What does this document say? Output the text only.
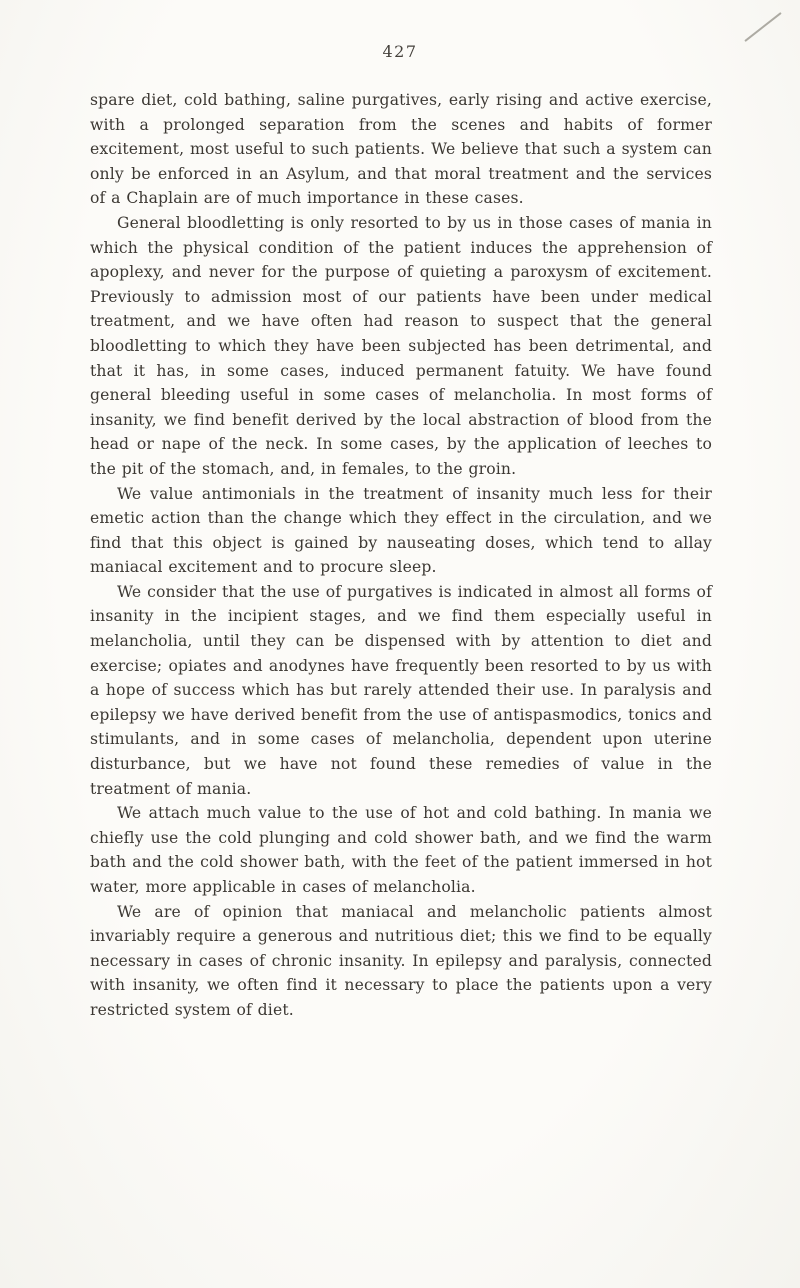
427

spare diet, cold bathing, saline purgatives, early rising and active exercise, with a prolonged separation from the scenes and habits of former excitement, most useful to such patients. We believe that such a system can only be enforced in an Asylum, and that moral treatment and the services of a Chaplain are of much importance in these cases.

General bloodletting is only resorted to by us in those cases of mania in which the physical condition of the patient induces the apprehension of apoplexy, and never for the purpose of quieting a paroxysm of excitement. Previously to admission most of our patients have been under medical treatment, and we have often had reason to suspect that the general bloodletting to which they have been subjected has been detrimental, and that it has, in some cases, induced permanent fatuity. We have found general bleeding useful in some cases of melancholia. In most forms of insanity, we find benefit derived by the local abstraction of blood from the head or nape of the neck. In some cases, by the application of leeches to the pit of the stomach, and, in females, to the groin.

We value antimonials in the treatment of insanity much less for their emetic action than the change which they effect in the circulation, and we find that this object is gained by nauseating doses, which tend to allay maniacal excitement and to procure sleep.

We consider that the use of purgatives is indicated in almost all forms of insanity in the incipient stages, and we find them especially useful in melancholia, until they can be dispensed with by attention to diet and exercise; opiates and anodynes have frequently been resorted to by us with a hope of success which has but rarely attended their use. In paralysis and epilepsy we have derived benefit from the use of antispasmodics, tonics and stimulants, and in some cases of melancholia, dependent upon uterine disturbance, but we have not found these remedies of value in the treatment of mania.

We attach much value to the use of hot and cold bathing. In mania we chiefly use the cold plunging and cold shower bath, and we find the warm bath and the cold shower bath, with the feet of the patient immersed in hot water, more applicable in cases of melancholia.

We are of opinion that maniacal and melancholic patients almost invariably require a generous and nutritious diet; this we find to be equally necessary in cases of chronic insanity. In epilepsy and paralysis, connected with insanity, we often find it necessary to place the patients upon a very restricted system of diet.
